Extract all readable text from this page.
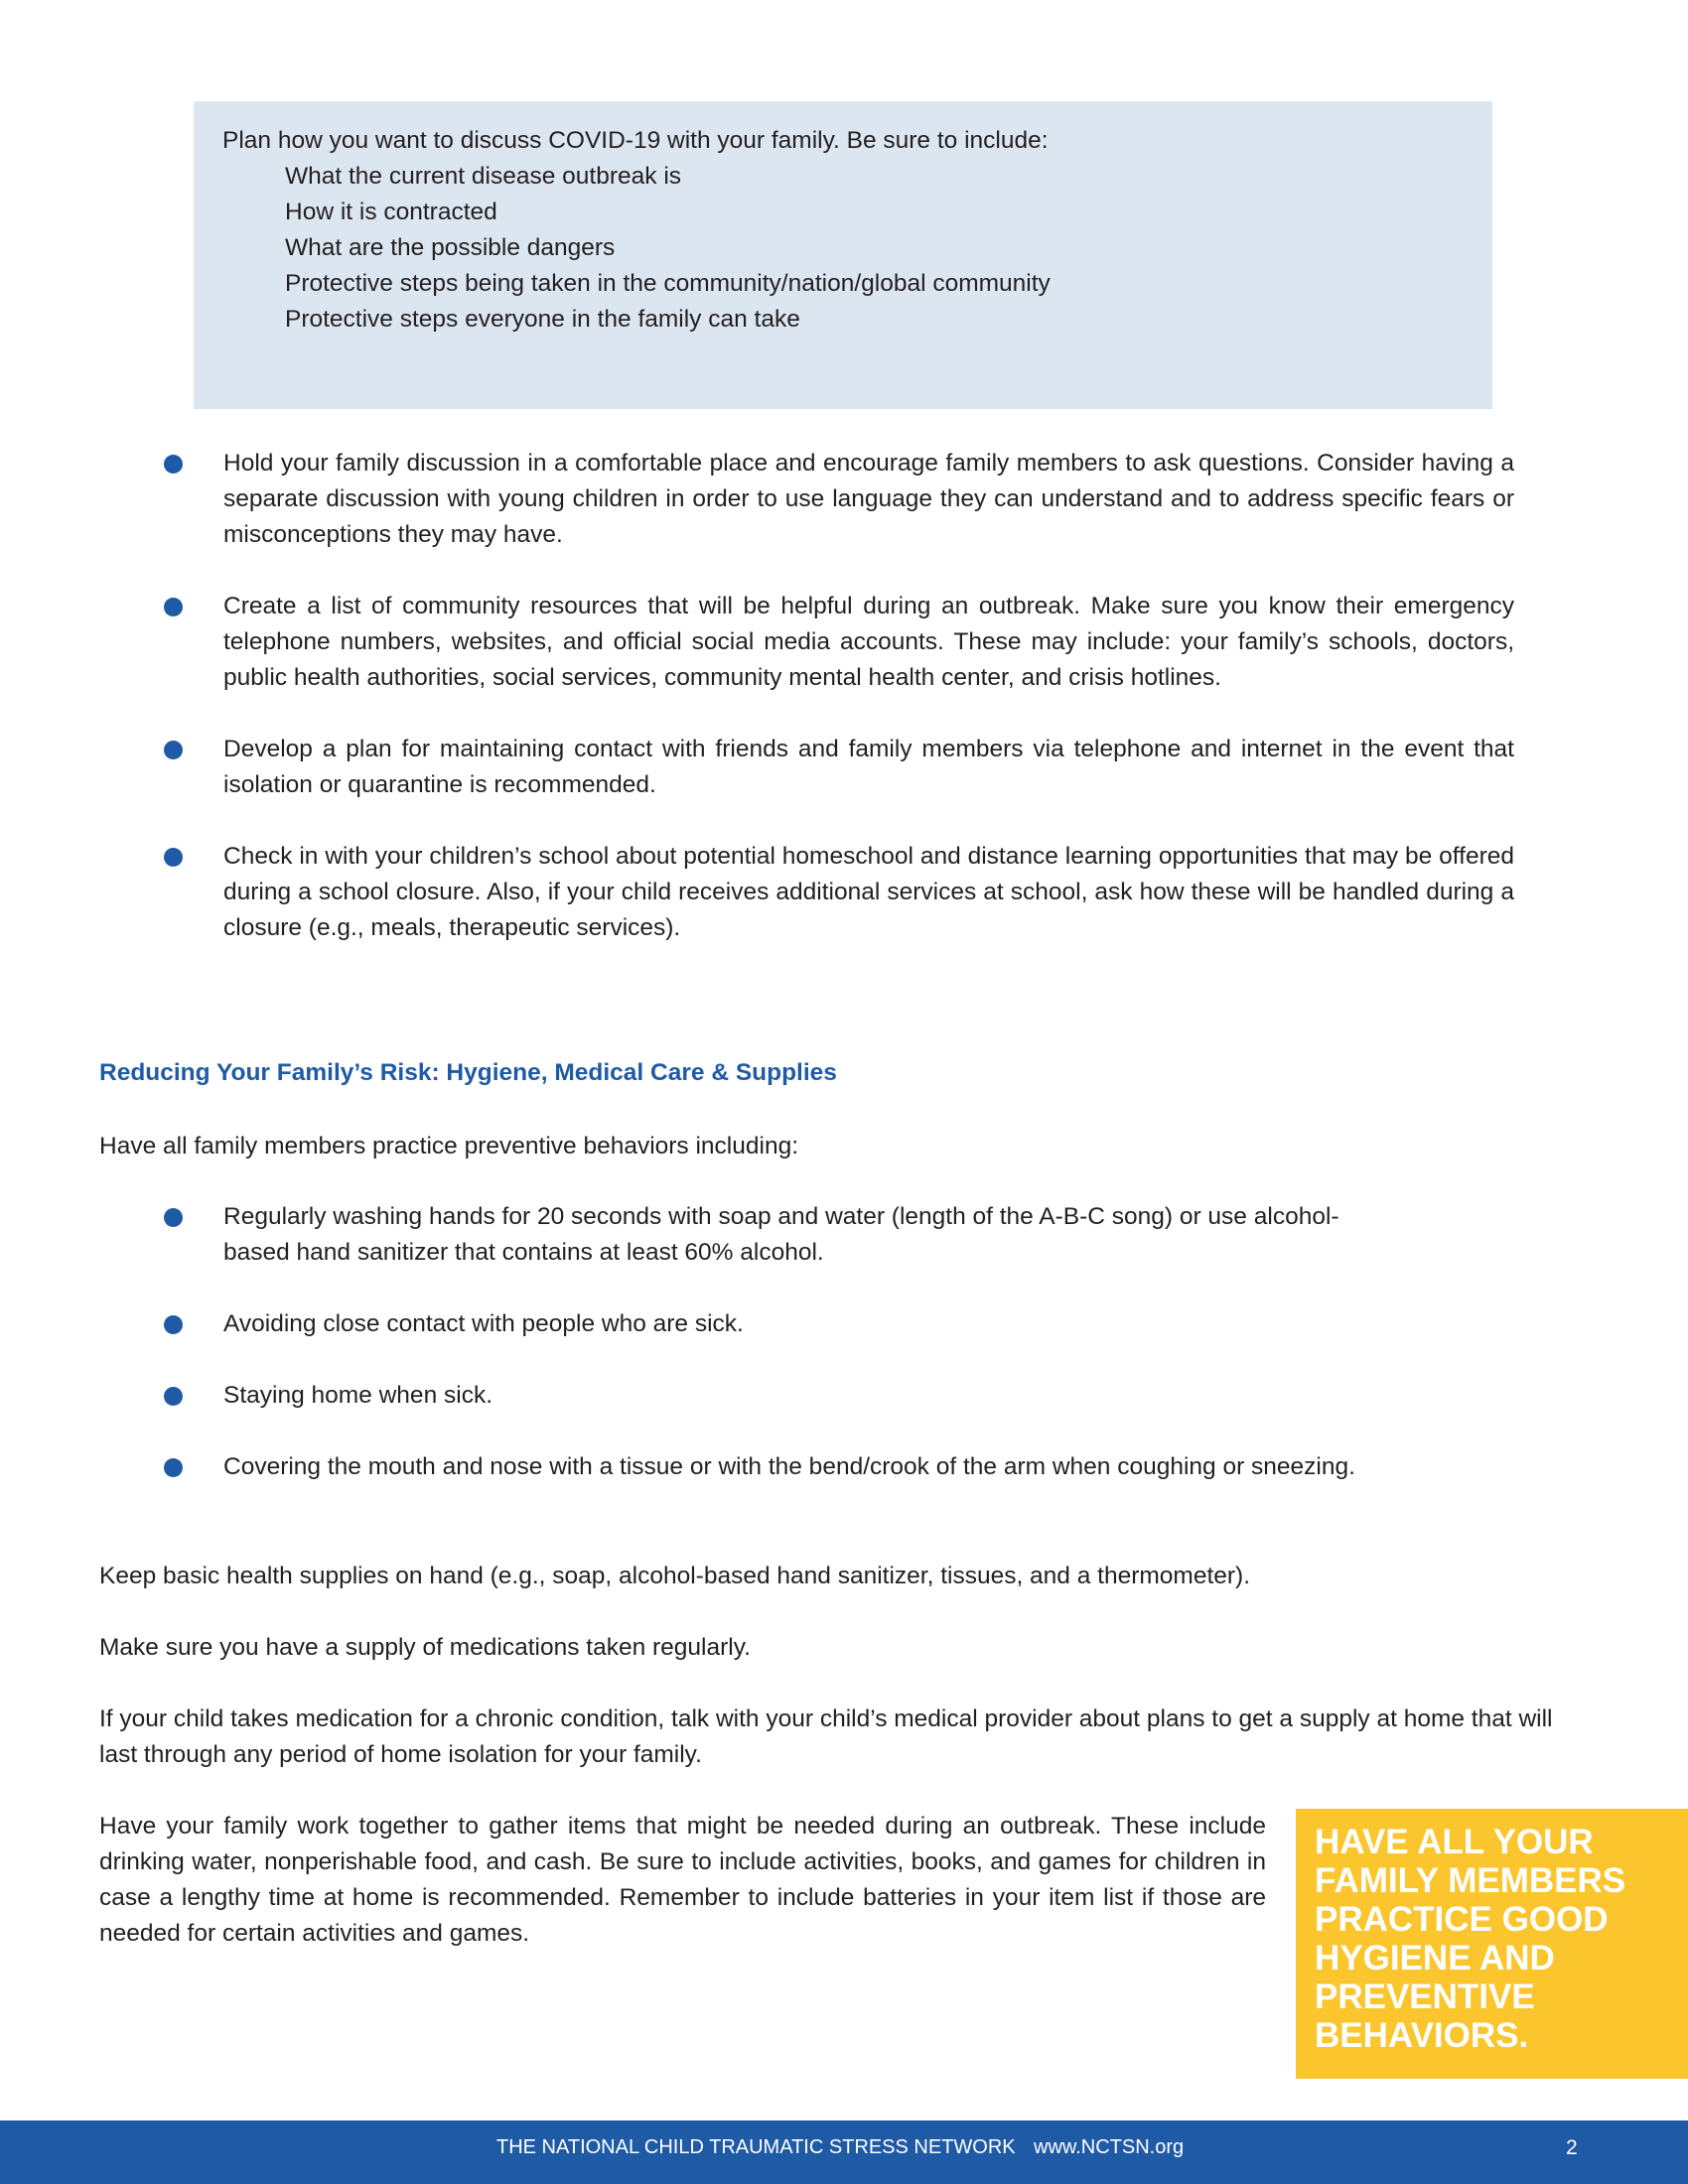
Plan how you want to discuss COVID-19 with your family. Be sure to include:

What the current disease outbreak is

How it is contracted

What are the possible dangers

Protective steps being taken in the community/nation/global community

Protective steps everyone in the family can take

Hold your family discussion in a comfortable place and encourage family members to ask questions. Consider having a separate discussion with young children in order to use language they can understand and to address specific fears or misconceptions they may have.
Create a list of community resources that will be helpful during an outbreak. Make sure you know their emergency telephone numbers, websites, and official social media accounts. These may include: your family’s schools, doctors, public health authorities, social services, community mental health center, and crisis hotlines.
Develop a plan for maintaining contact with friends and family members via telephone and internet in the event that isolation or quarantine is recommended.
Check in with your children’s school about potential homeschool and distance learning opportunities that may be offered during a school closure. Also, if your child receives additional services at school, ask how these will be handled during a closure (e.g., meals, therapeutic services).
Reducing Your Family’s Risk: Hygiene, Medical Care & Supplies

Have all family members practice preventive behaviors including:

Regularly washing hands for 20 seconds with soap and water (length of the A-B-C song) or use alcohol-based hand sanitizer that contains at least 60% alcohol.
Avoiding close contact with people who are sick.
Staying home when sick.
Covering the mouth and nose with a tissue or with the bend/crook of the arm when coughing or sneezing.

Keep basic health supplies on hand (e.g., soap, alcohol-based hand sanitizer, tissues, and a thermometer).

Make sure you have a supply of medications taken regularly.

If your child takes medication for a chronic condition, talk with your child’s medical provider about plans to get a supply at home that will last through any period of home isolation for your family.

Have your family work together to gather items that might be needed during an outbreak. These include drinking water, nonperishable food, and cash. Be sure to include activities, books, and games for children in case a lengthy time at home is recommended. Remember to include batteries in your item list if those are needed for certain activities and games.

HAVE ALL YOUR FAMILY MEMBERS PRACTICE GOOD HYGIENE AND PREVENTIVE BEHAVIORS.
THE NATIONAL CHILD TRAUMATIC STRESS NETWORK www.NCTSN.org	2
